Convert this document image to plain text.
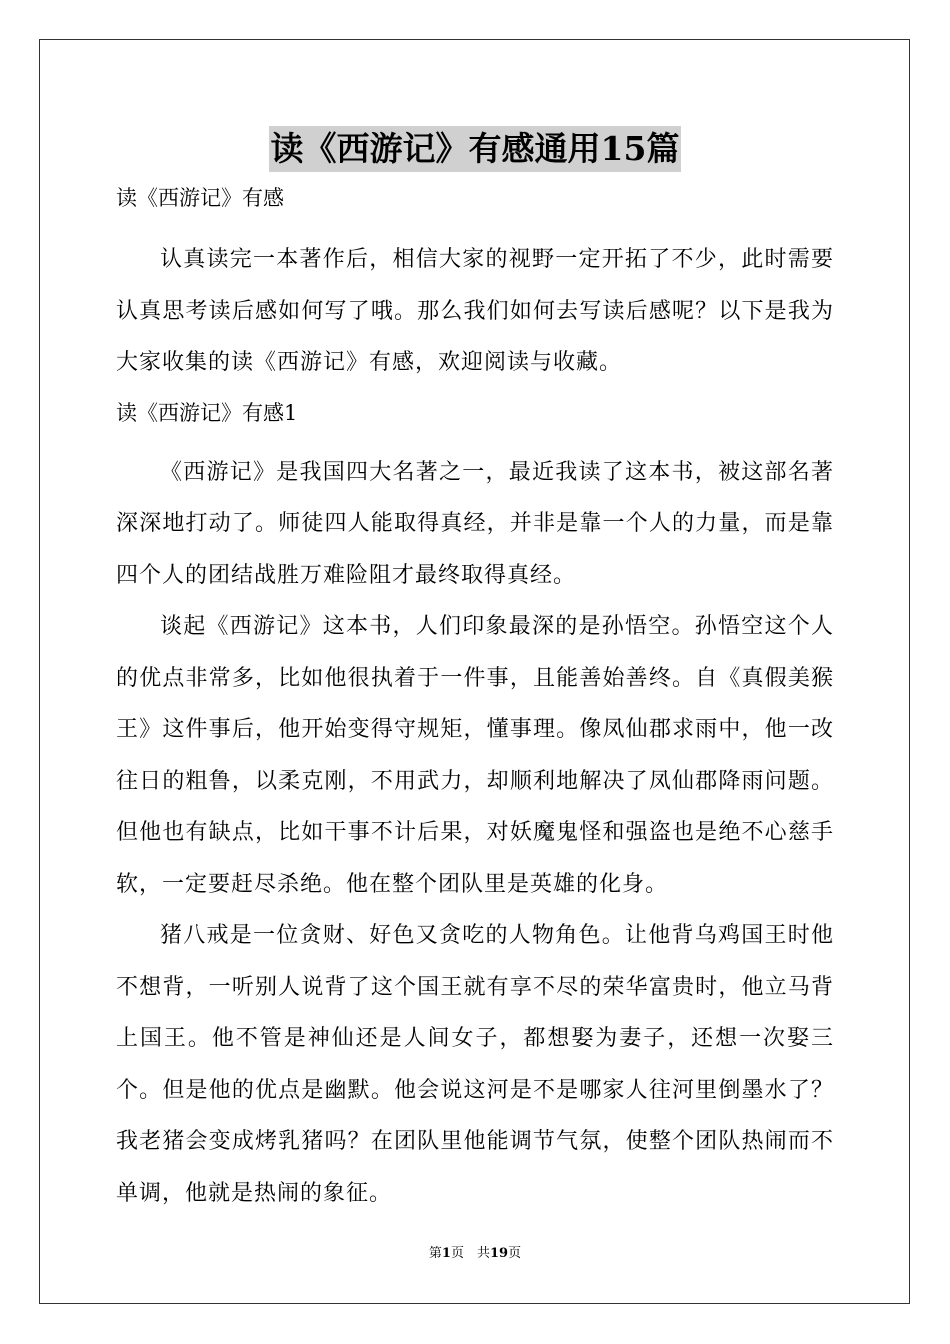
读《西游记》有感通用15篇

读《西游记》有感

认真读完一本著作后，相信大家的视野一定开拓了不少，此时需要认真思考读后感如何写了哦。那么我们如何去写读后感呢？以下是我为大家收集的读《西游记》有感，欢迎阅读与收藏。

读《西游记》有感1

《西游记》是我国四大名著之一，最近我读了这本书，被这部名著深深地打动了。师徒四人能取得真经，并非是靠一个人的力量，而是靠四个人的团结战胜万难险阻才最终取得真经。

谈起《西游记》这本书，人们印象最深的是孙悟空。孙悟空这个人的优点非常多，比如他很执着于一件事，且能善始善终。自《真假美猴王》这件事后，他开始变得守规矩，懂事理。像凤仙郡求雨中，他一改往日的粗鲁，以柔克刚，不用武力，却顺利地解决了凤仙郡降雨问题。但他也有缺点，比如干事不计后果，对妖魔鬼怪和强盗也是绝不心慈手软，一定要赶尽杀绝。他在整个团队里是英雄的化身。

猪八戒是一位贪财、好色又贪吃的人物角色。让他背乌鸡国王时他不想背，一听别人说背了这个国王就有享不尽的荣华富贵时，他立马背上国王。他不管是神仙还是人间女子，都想娶为妻子，还想一次娶三个。但是他的优点是幽默。他会说这河是不是哪家人往河里倒墨水了？我老猪会变成烤乳猪吗？在团队里他能调节气氛，使整个团队热闹而不单调，他就是热闹的象征。

第1页　共19页
